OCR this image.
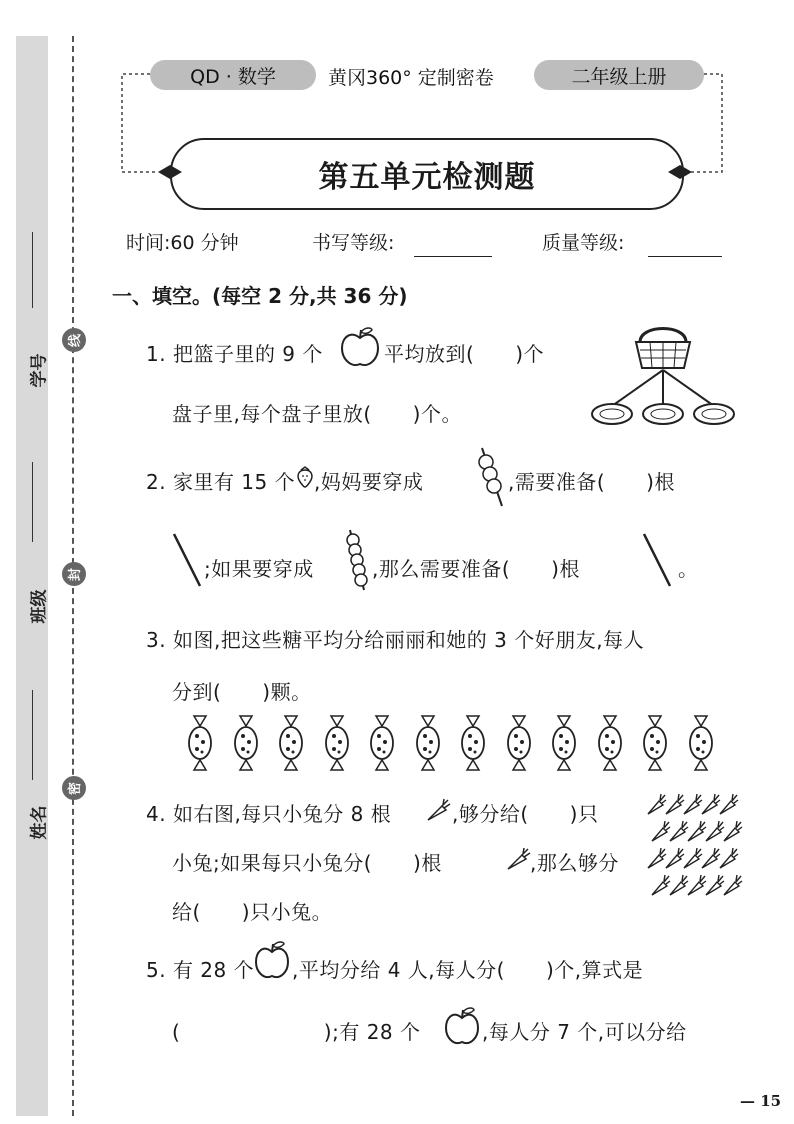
学号
班级
姓名
线
封
密
QD · 数学	黄冈360° 定制密卷	二年级上册
第五单元检测题
时间:60 分钟	书写等级:	质量等级:
一、填空。(每空 2 分,共 36 分)
1. 把篮子里的 9 个	平均放到(　　)个
盘子里,每个盘子里放(　　)个。
2. 家里有 15 个 ,妈妈要穿成	,需要准备(　　)根
;如果要穿成	,那么需要准备(　　)根	。
3. 如图,把这些糖平均分给丽丽和她的 3 个好朋友,每人
分到(　　)颗。
4. 如右图,每只小兔分 8 根	,够分给(　　)只
小兔;如果每只小兔分(　　)根	,那么够分
给(　　)只小兔。
5. 有 28 个 ,平均分给 4 人,每人分(　　)个,算式是
(　　　　　　　);有 28 个	,每人分 7 个,可以分给
— 15
